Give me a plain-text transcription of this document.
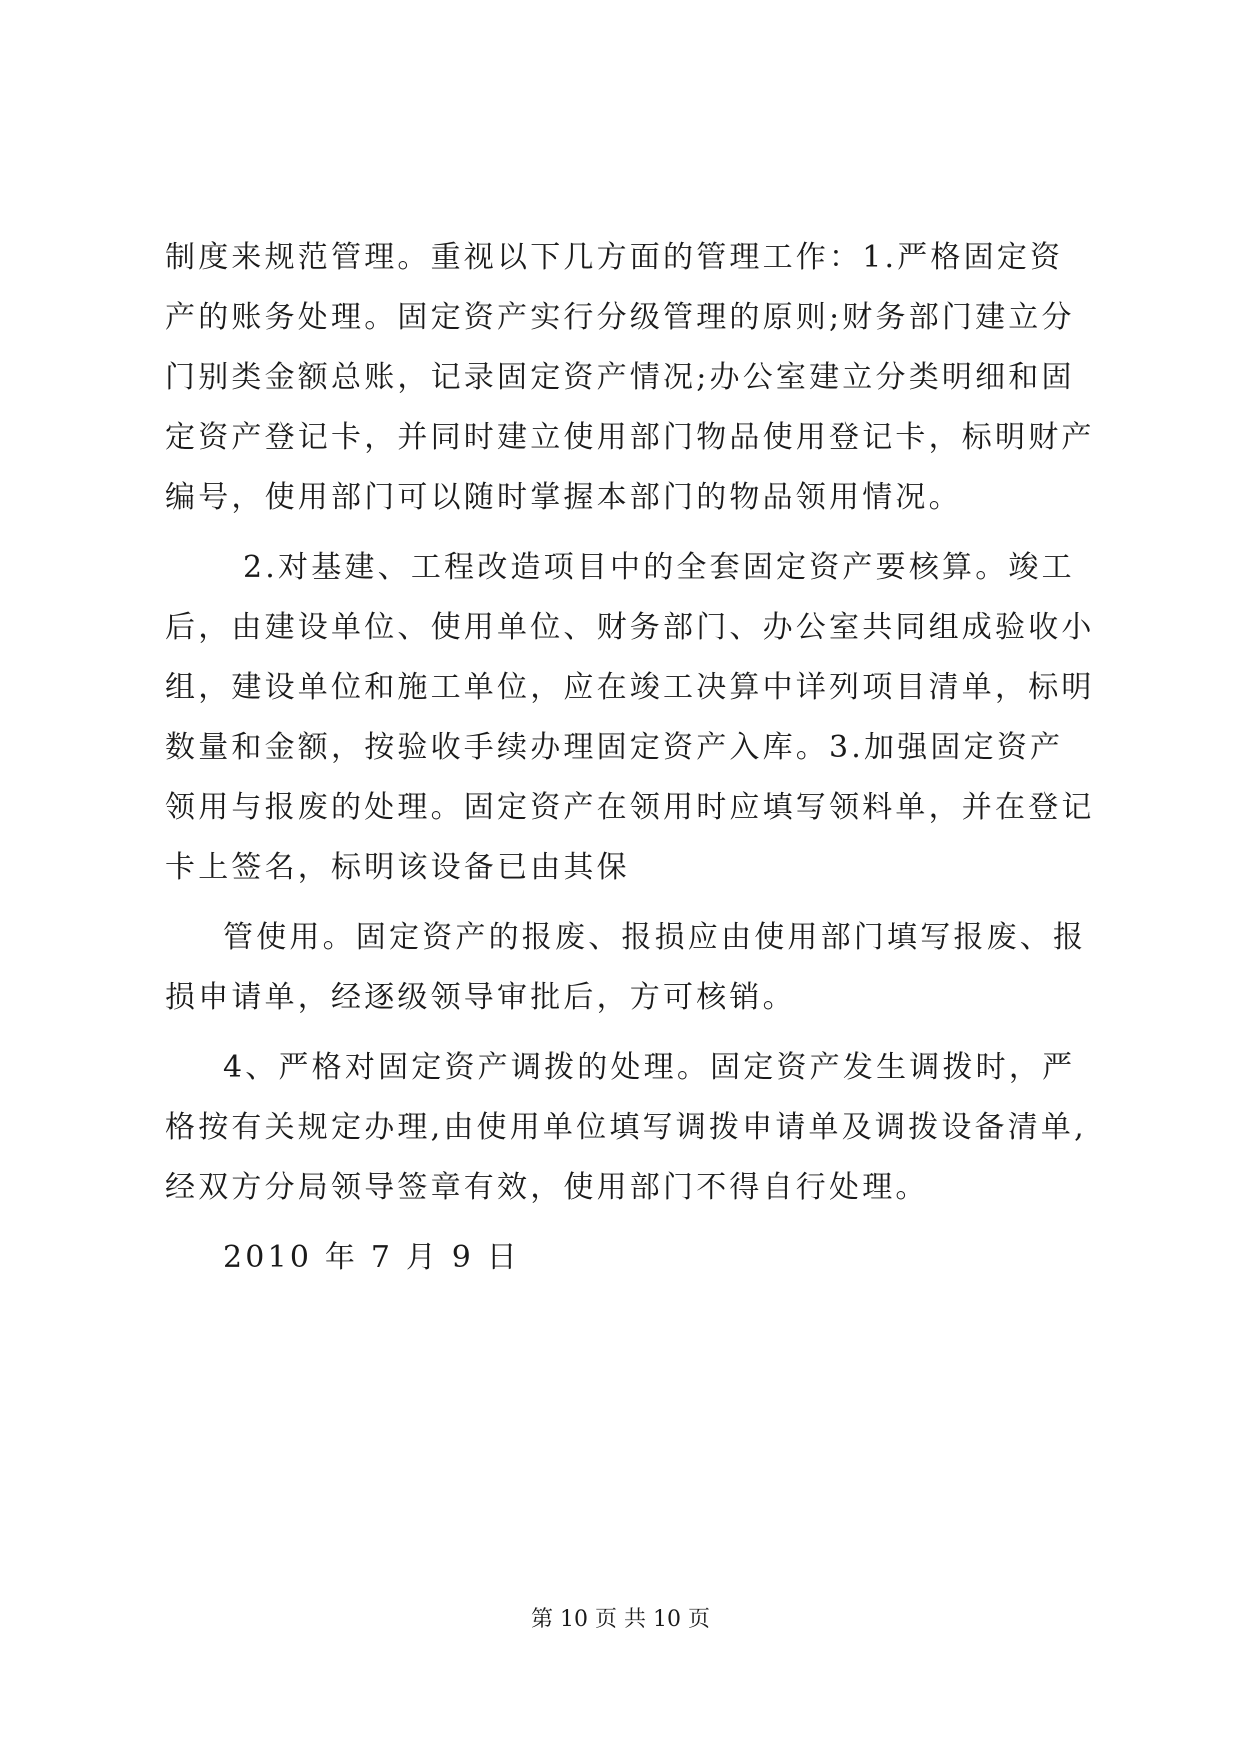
制度来规范管理。重视以下几方面的管理工作：1.严格固定资
产的账务处理。固定资产实行分级管理的原则;财务部门建立分
门别类金额总账，记录固定资产情况;办公室建立分类明细和固
定资产登记卡，并同时建立使用部门物品使用登记卡，标明财产
编号，使用部门可以随时掌握本部门的物品领用情况。
2.对基建、工程改造项目中的全套固定资产要核算。竣工
后，由建设单位、使用单位、财务部门、办公室共同组成验收小
组，建设单位和施工单位，应在竣工决算中详列项目清单，标明
数量和金额，按验收手续办理固定资产入库。3.加强固定资产
领用与报废的处理。固定资产在领用时应填写领料单，并在登记
卡上签名，标明该设备已由其保
管使用。固定资产的报废、报损应由使用部门填写报废、报
损申请单，经逐级领导审批后，方可核销。
4、严格对固定资产调拨的处理。固定资产发生调拨时，严
格按有关规定办理,由使用单位填写调拨申请单及调拨设备清单,
经双方分局领导签章有效，使用部门不得自行处理。
2010 年 7 月 9 日
第 10 页 共 10 页
